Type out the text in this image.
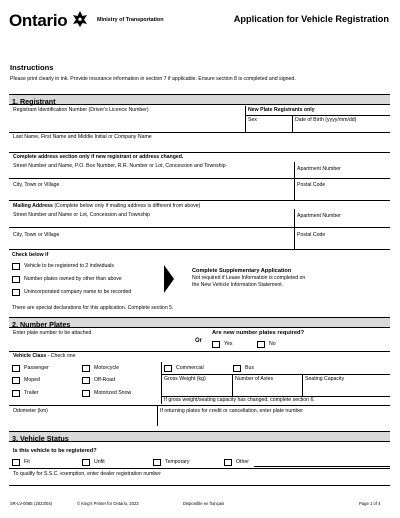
Ontario	Ministry of Transportation	Application for Vehicle Registration
Instructions
Please print clearly in ink. Provide insurance information in section 7 if applicable. Ensure section 8 is completed and signed.
1. Registrant
Registrant Identification Number (Driver's Licence Number)	New Plate Registrants only
Sex	Date of Birth (yyyy/mm/dd)
Last Name, First Name and Middle Initial or Company Name
Complete address section only if new registrant or address changed.
Street Number and Name, P.O. Box Number, R.R. Number or Lot, Concession and Township	Apartment Number
City, Town or Village	Postal Code
Mailing Address (Complete below only if mailing address is different from above)
Street Number and Name or Lot, Concession and Township	Apartment Number
City, Town or Village	Postal Code
Check below if
Vehicle to be registered to 2 individuals
Number plates owned by other than above
Unincorporated company name to be recorded
Complete Supplementary Application
Not required if Lease Information is completed on
the New Vehicle Information Statement.
There are special declarations for this application. Complete section 5.
2. Number Plates
Enter plate number to be attached
Or
Are new number plates required?
Yes	No
Vehicle Class - Check one
Passenger	Motorcycle
Moped	Off-Road
Trailer	Motorized Snow
Commercial	Bus
Gross Weight (kg)	Number of Axles	Seating Capacity
If gross weight/seating capacity has changed, complete section 6.
Odometer (km)	If returning plates for credit or cancellation, enter plate number
3. Vehicle Status
Is this vehicle to be registered?
Fit	Unfit	Temporary	Other
To qualify for S.S.C. exemption, enter dealer registration number
SR-LV-006E (2023/04)	© King's Printer for Ontario, 2023	Disponible en français	Page 1 of 4
